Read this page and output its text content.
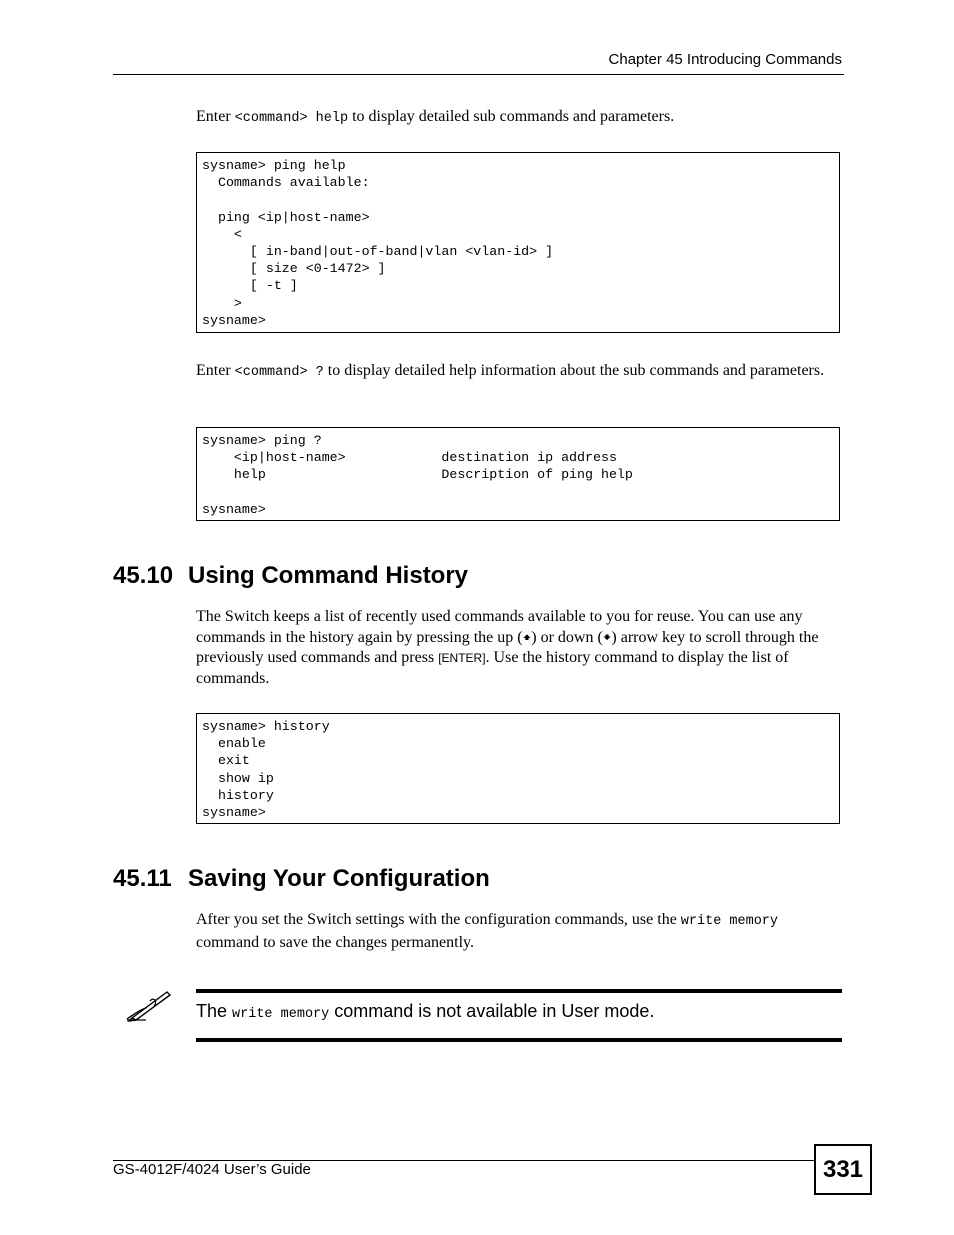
Chapter 45 Introducing Commands
Enter <command> help to display detailed sub commands and parameters.
sysname> ping help
Commands available:

ping <ip|host-name>
<
[ in-band|out-of-band|vlan <vlan-id> ]
[ size <0-1472> ]
[ -t ]
>
sysname>
Enter <command> ? to display detailed help information about the sub commands and parameters.
sysname> ping ?
<ip|host-name>            destination ip address
help                      Description of ping help

sysname>
45.10 Using Command History
The Switch keeps a list of recently used commands available to you for reuse. You can use any commands in the history again by pressing the up (🠹) or down (🠻) arrow key to scroll through the previously used commands and press [ENTER]. Use the history command to display the list of commands.
sysname> history
enable
exit
show ip
history
sysname>
45.11 Saving Your Configuration
After you set the Switch settings with the configuration commands, use the write memory command to save the changes permanently.
The write memory command is not available in User mode.
GS-4012F/4024 User’s Guide	331
